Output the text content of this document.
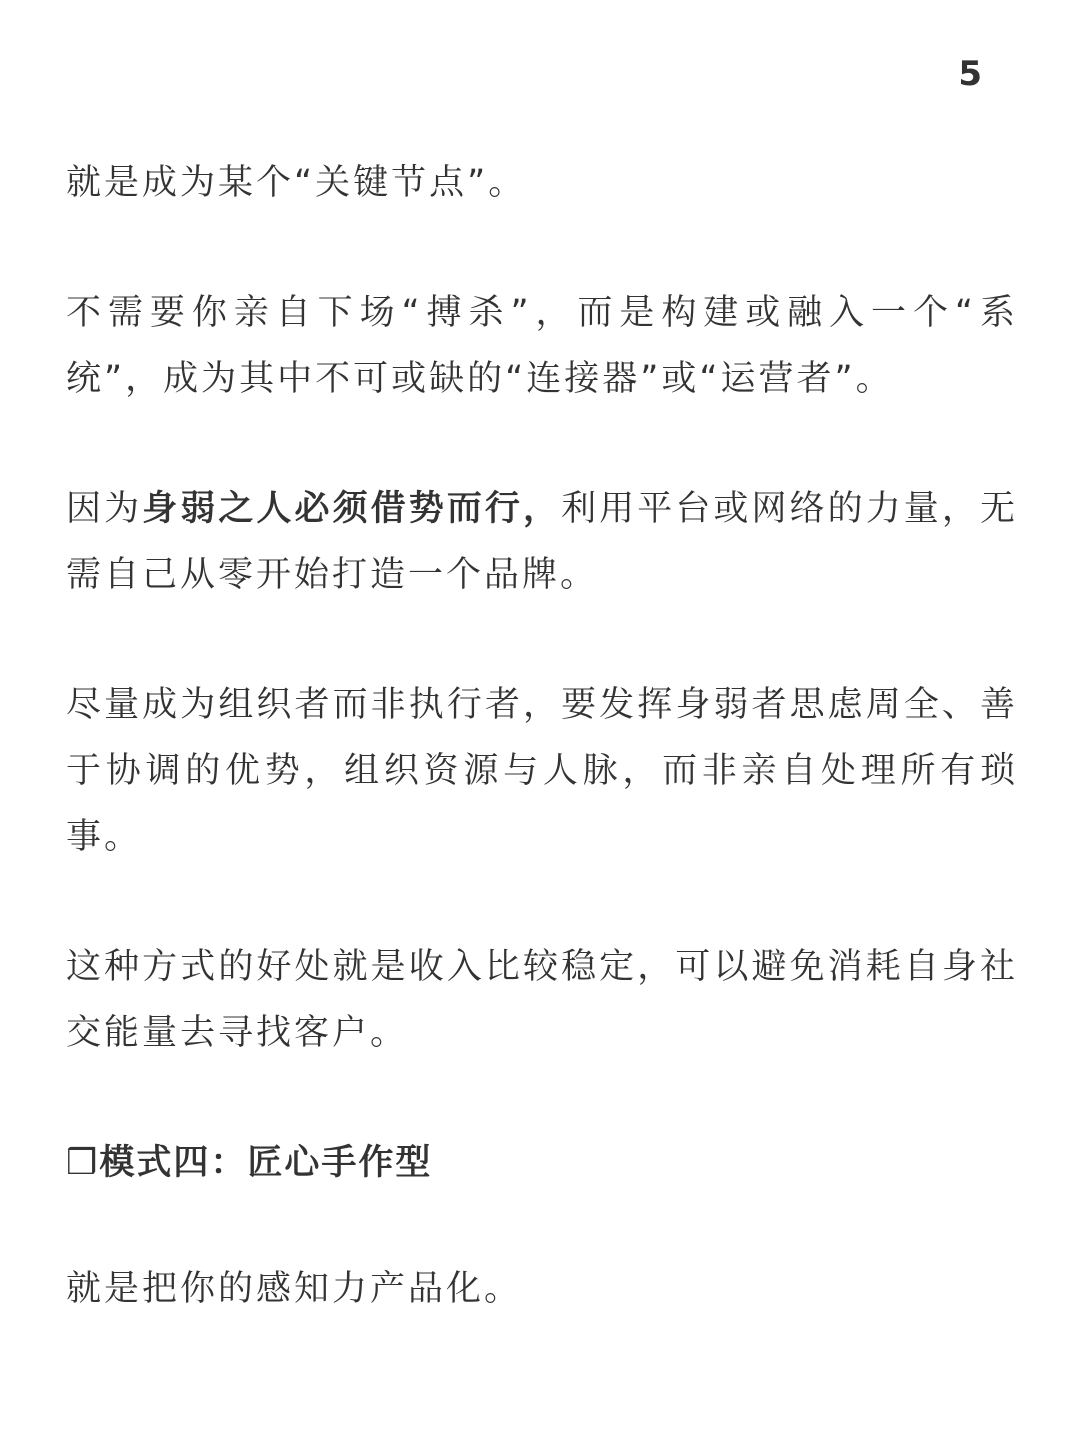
5

就是成为某个“关键节点”。

不需要你亲自下场“搏杀”，而是构建或融入一个“系统”，成为其中不可或缺的“连接器”或“运营者”。

因为身弱之人必须借势而行，利用平台或网络的力量，无需自己从零开始打造一个品牌。

尽量成为组织者而非执行者，要发挥身弱者思虑周全、善于协调的优势，组织资源与人脉，而非亲自处理所有琐事。

这种方式的好处就是收入比较稳定，可以避免消耗自身社交能量去寻找客户。

❒模式四：匠心手作型

就是把你的感知力产品化。
